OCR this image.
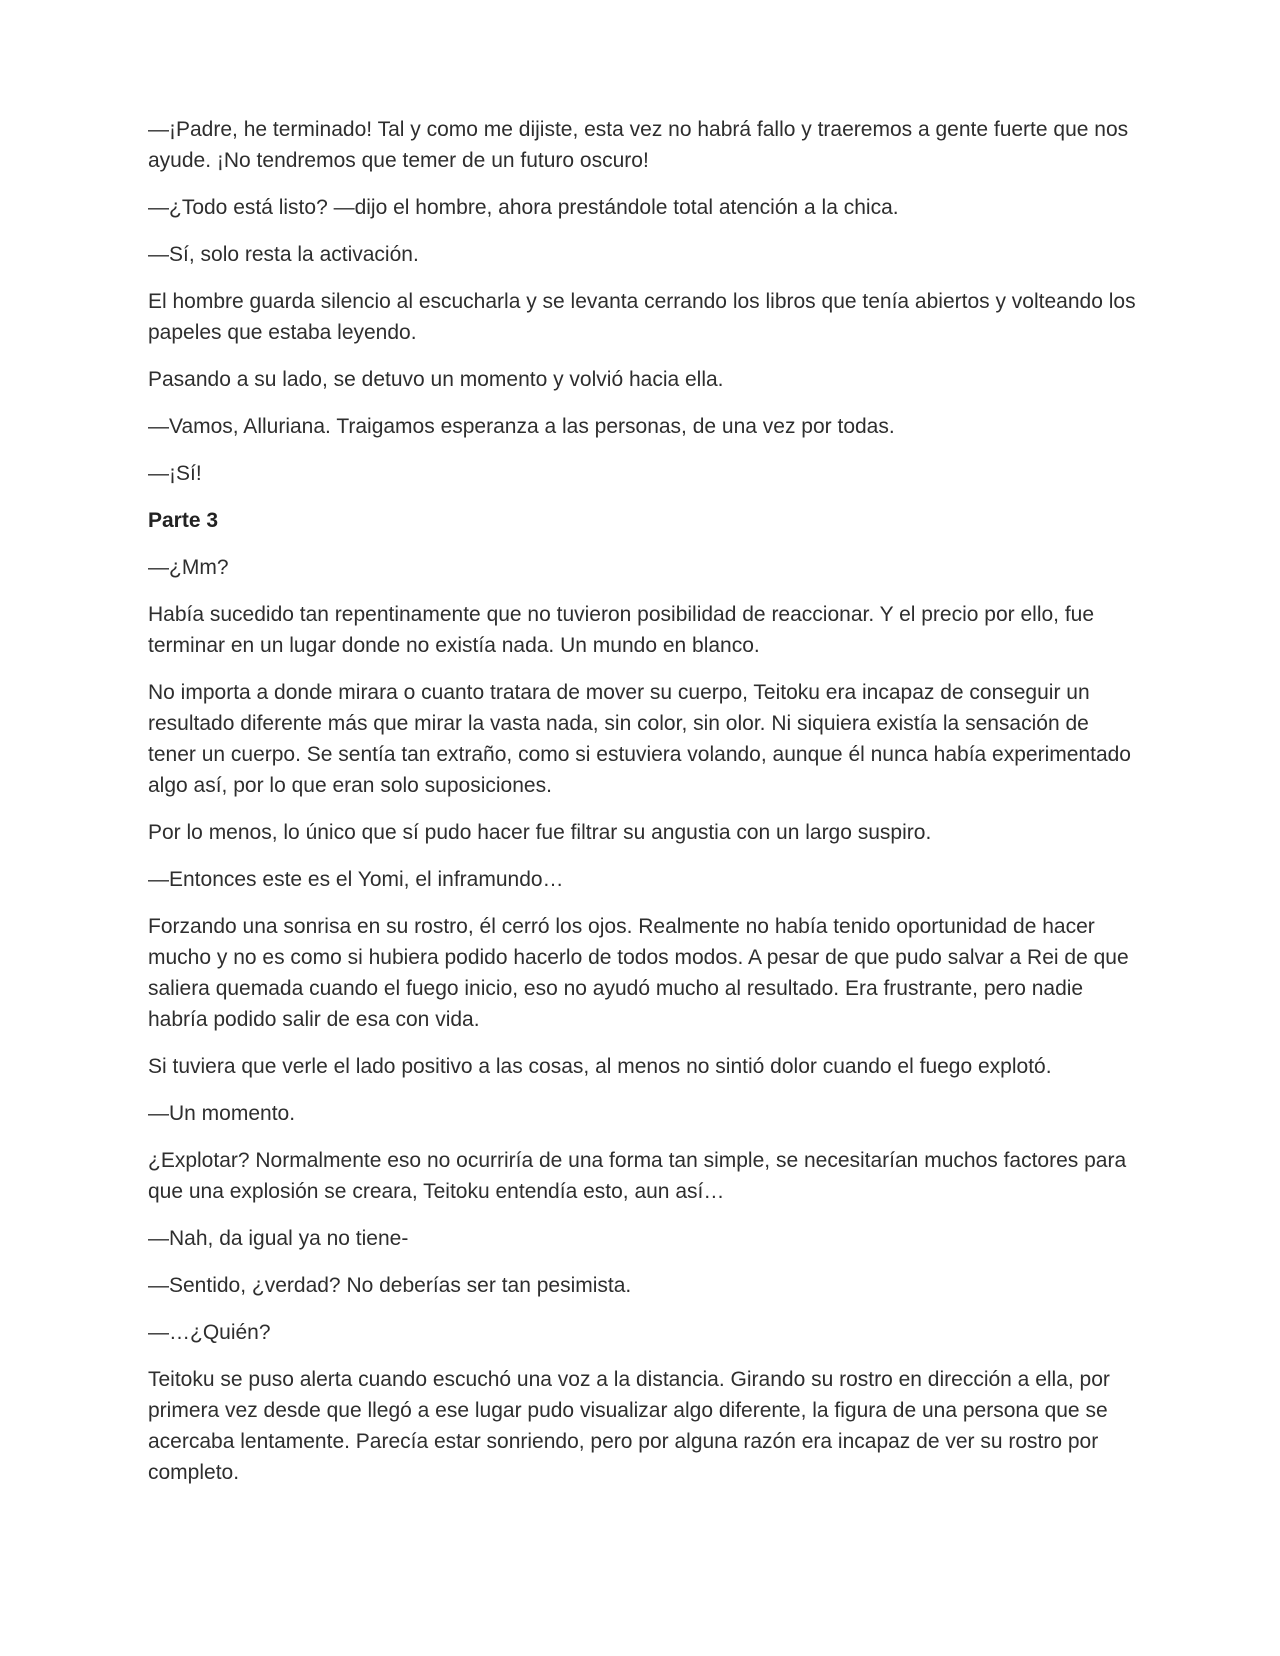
—¡Padre, he terminado! Tal y como me dijiste, esta vez no habrá fallo y traeremos a gente fuerte que nos ayude. ¡No tendremos que temer de un futuro oscuro!

—¿Todo está listo? —dijo el hombre, ahora prestándole total atención a la chica.

—Sí, solo resta la activación.

El hombre guarda silencio al escucharla y se levanta cerrando los libros que tenía abiertos y volteando los papeles que estaba leyendo.

Pasando a su lado, se detuvo un momento y volvió hacia ella.

—Vamos, Alluriana. Traigamos esperanza a las personas, de una vez por todas.

—¡Sí!

Parte 3

—¿Mm?

Había sucedido tan repentinamente que no tuvieron posibilidad de reaccionar. Y el precio por ello, fue terminar en un lugar donde no existía nada. Un mundo en blanco.

No importa a donde mirara o cuanto tratara de mover su cuerpo, Teitoku era incapaz de conseguir un resultado diferente más que mirar la vasta nada, sin color, sin olor. Ni siquiera existía la sensación de tener un cuerpo. Se sentía tan extraño, como si estuviera volando, aunque él nunca había experimentado algo así, por lo que eran solo suposiciones.

Por lo menos, lo único que sí pudo hacer fue filtrar su angustia con un largo suspiro.

—Entonces este es el Yomi, el inframundo…

Forzando una sonrisa en su rostro, él cerró los ojos. Realmente no había tenido oportunidad de hacer mucho y no es como si hubiera podido hacerlo de todos modos. A pesar de que pudo salvar a Rei de que saliera quemada cuando el fuego inicio, eso no ayudó mucho al resultado. Era frustrante, pero nadie habría podido salir de esa con vida.

Si tuviera que verle el lado positivo a las cosas, al menos no sintió dolor cuando el fuego explotó.

—Un momento.

¿Explotar? Normalmente eso no ocurriría de una forma tan simple, se necesitarían muchos factores para que una explosión se creara, Teitoku entendía esto, aun así…

—Nah, da igual ya no tiene-

—Sentido, ¿verdad? No deberías ser tan pesimista.

—…¿Quién?

Teitoku se puso alerta cuando escuchó una voz a la distancia. Girando su rostro en dirección a ella, por primera vez desde que llegó a ese lugar pudo visualizar algo diferente, la figura de una persona que se acercaba lentamente. Parecía estar sonriendo, pero por alguna razón era incapaz de ver su rostro por completo.
